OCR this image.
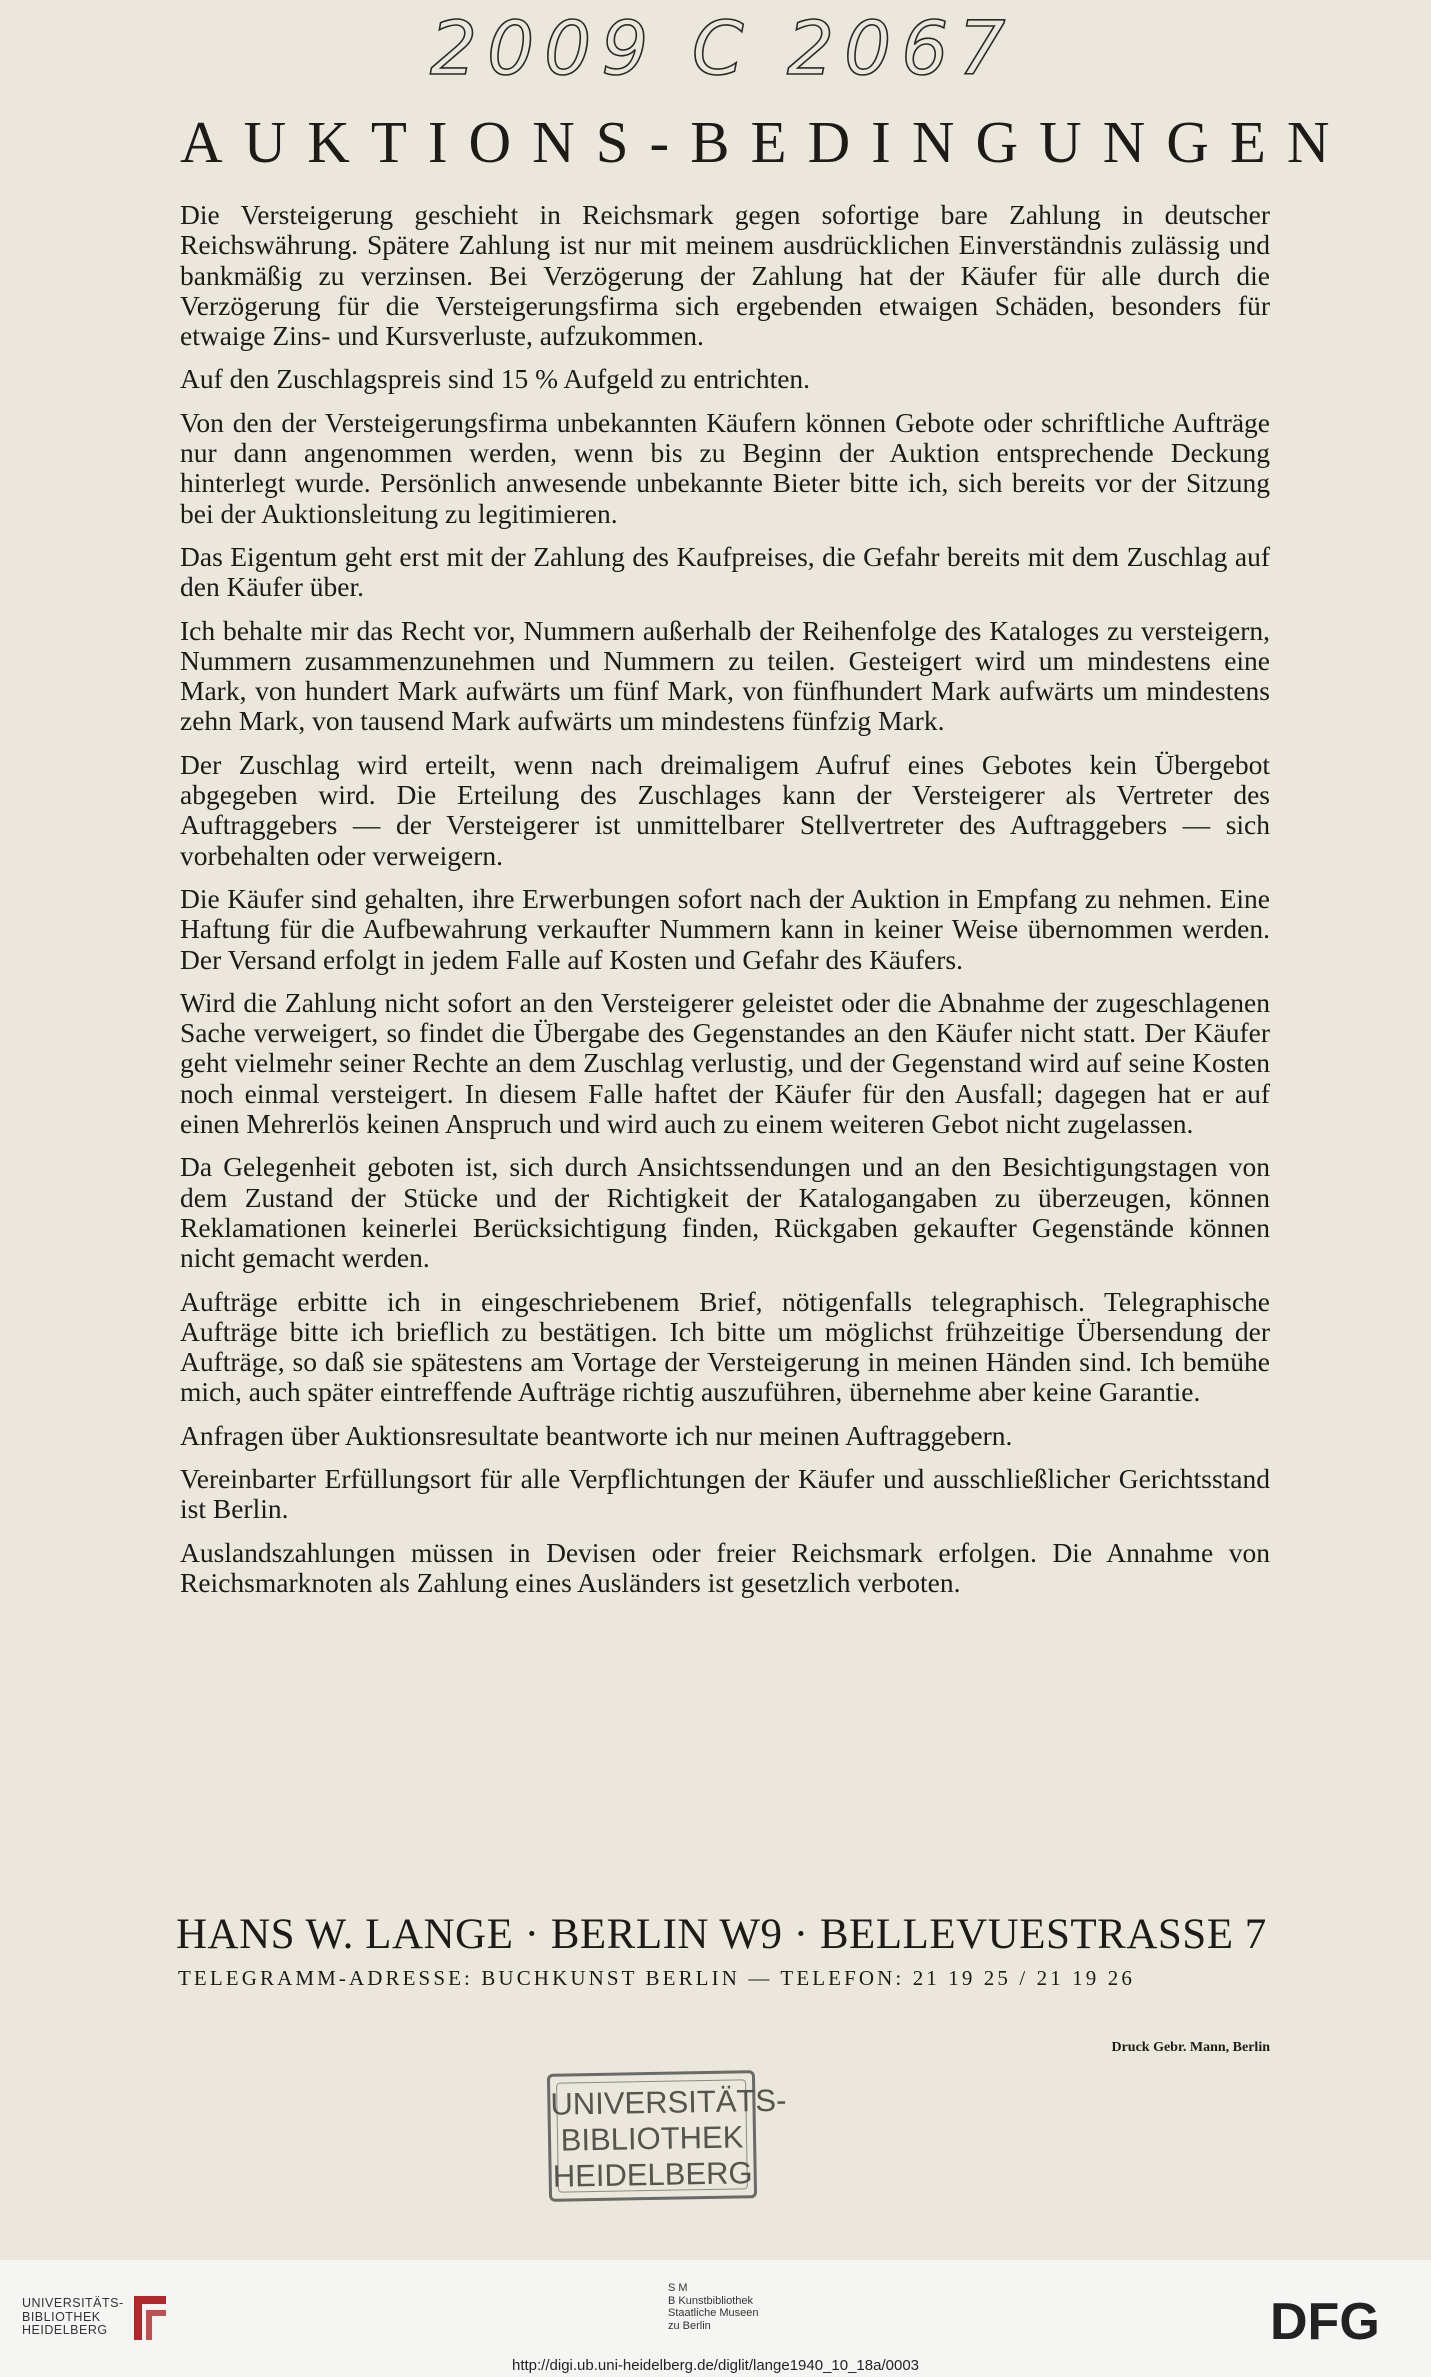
2009 C 2067
AUKTIONS-BEDINGUNGEN

Die Versteigerung geschieht in Reichsmark gegen sofortige bare Zahlung in deutscher Reichswährung. Spätere Zahlung ist nur mit meinem ausdrücklichen Einverständnis zulässig und bankmäßig zu verzinsen. Bei Verzögerung der Zahlung hat der Käufer für alle durch die Verzögerung für die Versteigerungsfirma sich ergebenden etwaigen Schäden, besonders für etwaige Zins- und Kursverluste, aufzukommen.

Auf den Zuschlagspreis sind 15 % Aufgeld zu entrichten.

Von den der Versteigerungsfirma unbekannten Käufern können Gebote oder schriftliche Aufträge nur dann angenommen werden, wenn bis zu Beginn der Auktion entsprechende Deckung hinterlegt wurde. Persönlich anwesende unbekannte Bieter bitte ich, sich bereits vor der Sitzung bei der Auktionsleitung zu legitimieren.

Das Eigentum geht erst mit der Zahlung des Kaufpreises, die Gefahr bereits mit dem Zuschlag auf den Käufer über.

Ich behalte mir das Recht vor, Nummern außerhalb der Reihenfolge des Kataloges zu versteigern, Nummern zusammenzunehmen und Nummern zu teilen. Gesteigert wird um mindestens eine Mark, von hundert Mark aufwärts um fünf Mark, von fünfhundert Mark aufwärts um mindestens zehn Mark, von tausend Mark aufwärts um mindestens fünfzig Mark.

Der Zuschlag wird erteilt, wenn nach dreimaligem Aufruf eines Gebotes kein Übergebot abgegeben wird. Die Erteilung des Zuschlages kann der Versteigerer als Vertreter des Auftraggebers — der Versteigerer ist unmittelbarer Stellvertreter des Auftraggebers — sich vorbehalten oder verweigern.

Die Käufer sind gehalten, ihre Erwerbungen sofort nach der Auktion in Empfang zu nehmen. Eine Haftung für die Aufbewahrung verkaufter Nummern kann in keiner Weise übernommen werden. Der Versand erfolgt in jedem Falle auf Kosten und Gefahr des Käufers.

Wird die Zahlung nicht sofort an den Versteigerer geleistet oder die Abnahme der zugeschlagenen Sache verweigert, so findet die Übergabe des Gegenstandes an den Käufer nicht statt. Der Käufer geht vielmehr seiner Rechte an dem Zuschlag verlustig, und der Gegenstand wird auf seine Kosten noch einmal versteigert. In diesem Falle haftet der Käufer für den Ausfall; dagegen hat er auf einen Mehrerlös keinen Anspruch und wird auch zu einem weiteren Gebot nicht zugelassen.

Da Gelegenheit geboten ist, sich durch Ansichtssendungen und an den Besichtigungstagen von dem Zustand der Stücke und der Richtigkeit der Katalogangaben zu überzeugen, können Reklamationen keinerlei Berücksichtigung finden, Rückgaben gekaufter Gegenstände können nicht gemacht werden.

Aufträge erbitte ich in eingeschriebenem Brief, nötigenfalls telegraphisch. Telegraphische Aufträge bitte ich brieflich zu bestätigen. Ich bitte um möglichst frühzeitige Übersendung der Aufträge, so daß sie spätestens am Vortage der Versteigerung in meinen Händen sind. Ich bemühe mich, auch später eintreffende Aufträge richtig auszuführen, übernehme aber keine Garantie.

Anfragen über Auktionsresultate beantworte ich nur meinen Auftraggebern.

Vereinbarter Erfüllungsort für alle Verpflichtungen der Käufer und ausschließlicher Gerichtsstand ist Berlin.

Auslandszahlungen müssen in Devisen oder freier Reichsmark erfolgen. Die Annahme von Reichsmarknoten als Zahlung eines Ausländers ist gesetzlich verboten.

HANS W. LANGE · BERLIN W9 · BELLEVUESTRASSE 7
TELEGRAMM-ADRESSE: BUCHKUNST BERLIN — TELEFON: 21 19 25 / 21 19 26
Druck Gebr. Mann, Berlin
UNIVERSITÄTS-
BIBLIOTHEK
HEIDELBERG
UNIVERSITÄTS-
BIBLIOTHEK
HEIDELBERG
S M
B Kunstbibliothek
Staatliche Museen
zu Berlin	DFG
http://digi.ub.uni-heidelberg.de/diglit/lange1940_10_18a/0003
